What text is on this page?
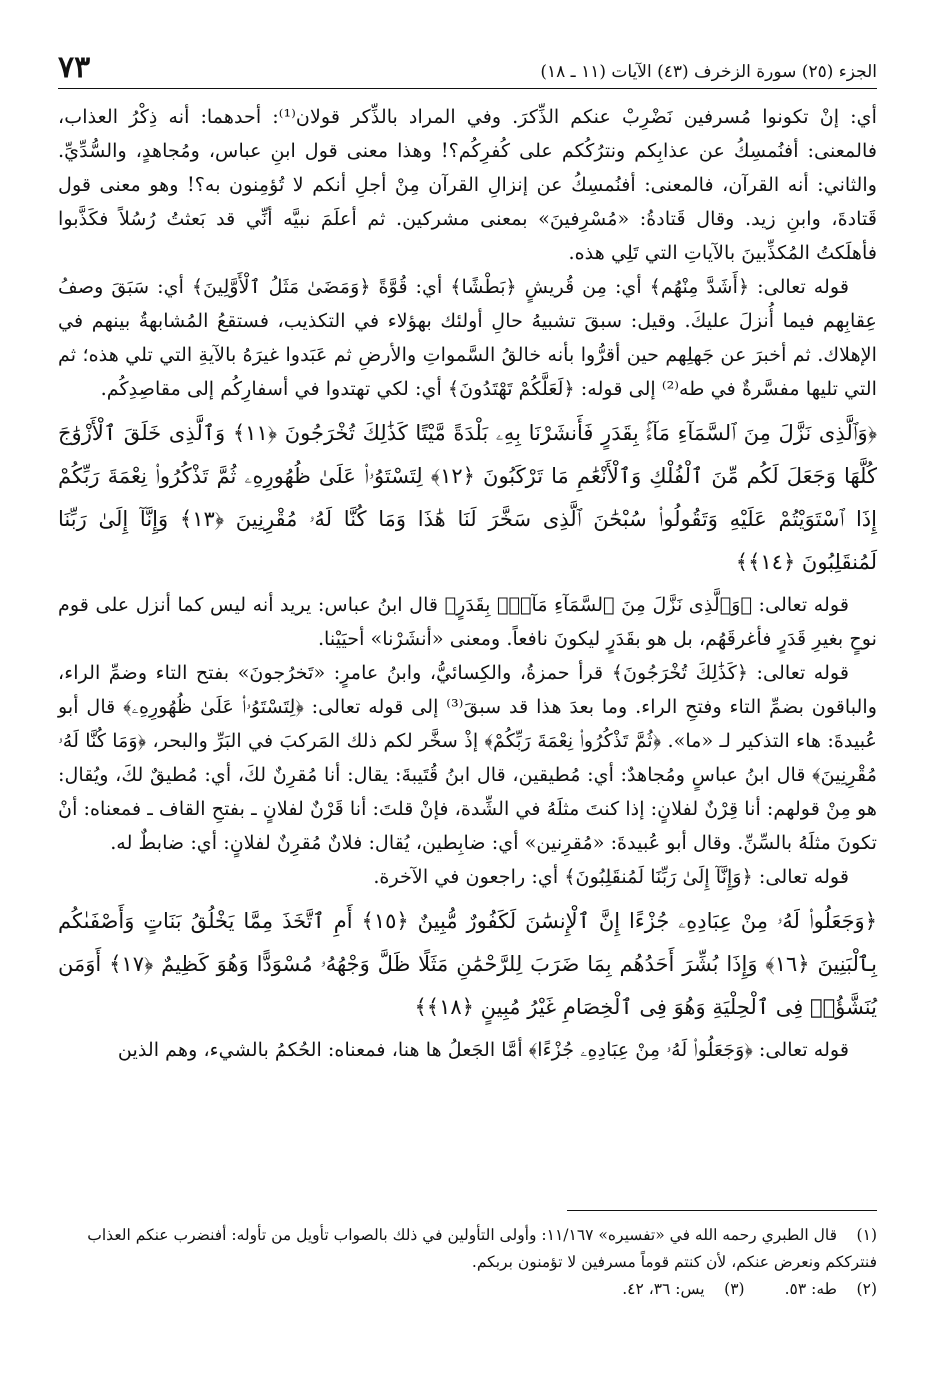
٧٣	الجزء (٢٥) سورة الزخرف (٤٣) الآيات (١١ ـ ١٨)

أي: إنْ تكونوا مُسرفين نَضْرِبْ عنكم الذِّكرَ. وفي المراد بالذِّكر قولان⁽¹⁾: أحدهما: أنه ذِكْرُ العذاب، فالمعنى: أفنُمسِكُ عن عذابِكم ونترُكُكم على كُفرِكُم؟! وهذا معنى قول ابنِ عباس، ومُجاهدٍ، والسُّدِّيِّ. والثاني: أنه القرآن، فالمعنى: أفنُمسِكُ عن إنزالِ القرآن مِنْ أجلِ أنكم لا تُؤمِنون به؟! وهو معنى قول قَتادةَ، وابنِ زيد. وقال قَتادةُ: «مُسْرِفينَ» بمعنى مشركين. ثم أعلَمَ نبيَّه أنِّي قد بَعثتُ رُسُلاً فكَذَّبوا فأهلَكتُ المُكذِّبينَ بالآياتِ التي تَلِي هذه.

قوله تعالى: ﴿أَشَدَّ مِنْهُم﴾ أي: مِن قُريشٍ ﴿بَطْشًا﴾ أي: قُوَّةً ﴿وَمَضَىٰ مَثَلُ ٱلْأَوَّلِينَ﴾ أي: سَبَقَ وصفُ عِقابِهم فيما أُنزلَ عليكَ. وقيل: سبقَ تشبيهُ حالِ أولئك بهؤلاء في التكذيب، فستقعُ المُشابهةُ بينهم في الإهلاك. ثم أخبرَ عن جَهلِهم حين أقرُّوا بأنه خالقُ السَّمواتِ والأرضِ ثم عَبَدوا غيرَهُ بالآيةِ التي تلي هذه؛ ثم التي تليها مفسَّرةٌ في طه⁽²⁾ إلى قوله: ﴿لَعَلَّكُمْ تَهْتَدُونَ﴾ أي: لكي تهتدوا في أسفارِكُم إلى مقاصِدِكُم.

﴿وَٱلَّذِى نَزَّلَ مِنَ ٱلسَّمَآءِ مَآءًۢ بِقَدَرٍ فَأَنشَرْنَا بِهِۦ بَلْدَةً مَّيْتًا كَذَٰلِكَ تُخْرَجُونَ ﴿١١﴾ وَٱلَّذِى خَلَقَ ٱلْأَزْوَٰجَ كُلَّهَا وَجَعَلَ لَكُم مِّنَ ٱلْفُلْكِ وَٱلْأَنْعَٰمِ مَا تَرْكَبُونَ ﴿١٢﴾ لِتَسْتَوُۥا۟ عَلَىٰ ظُهُورِهِۦ ثُمَّ تَذْكُرُوا۟ نِعْمَةَ رَبِّكُمْ إِذَا ٱسْتَوَيْتُمْ عَلَيْهِ وَتَقُولُوا۟ سُبْحَٰنَ ٱلَّذِى سَخَّرَ لَنَا هَٰذَا وَمَا كُنَّا لَهُۥ مُقْرِنِينَ ﴿١٣﴾ وَإِنَّآ إِلَىٰ رَبِّنَا لَمُنقَلِبُونَ ﴿١٤﴾﴾

قوله تعالى: ﴿وَٱلَّذِى نَزَّلَ مِنَ ٱلسَّمَآءِ مَآءًۢ بِقَدَرٍ﴾ قال ابنُ عباس: يريد أنه ليس كما أنزل على قوم نوحٍ بغيرِ قَدَرٍ فأغرقَهُم، بل هو بقَدَرٍ ليكونَ نافعاً. ومعنى «أنشَرْنا» أحيَيْنا.

قوله تعالى: ﴿كَذَٰلِكَ تُخْرَجُونَ﴾ قرأ حمزةُ، والكِسائيُّ، وابنُ عامرٍ: «تَخرُجونَ» بفتح التاء وضمِّ الراء، والباقون بضمِّ التاء وفتحِ الراء. وما بعدَ هذا قد سبقَ⁽³⁾ إلى قوله تعالى: ﴿لِتَسْتَوُۥا۟ عَلَىٰ ظُهُورِهِۦ﴾ قال أبو عُبيدةَ: هاء التذكير لـ «ما». ﴿ثُمَّ تَذْكُرُوا۟ نِعْمَةَ رَبِّكُمْ﴾ إذْ سخَّر لكم ذلك المَركبَ في البَرِّ والبحر، ﴿وَمَا كُنَّا لَهُۥ مُقْرِنِينَ﴾ قال ابنُ عباسٍ ومُجاهدٌ: أي: مُطيقين، قال ابنُ قُتَيبةَ: يقال: أنا مُقرِنٌ لكَ، أي: مُطيقٌ لكَ، ويُقال: هو مِنْ قولهم: أنا قِرْنٌ لفلانٍ: إذا كنتَ مثلَهُ في الشِّدة، فإنْ قلتَ: أنا قَرْنٌ لفلانٍ ـ بفتحِ القاف ـ فمعناه: أنْ تكونَ مثلَهُ بالسِّنِّ. وقال أبو عُبيدةَ: «مُقرِنين» أي: ضابِطين، يُقال: فلانٌ مُقرِنٌ لفلانٍ: أي: ضابطٌ له.

قوله تعالى: ﴿وَإِنَّآ إِلَىٰ رَبِّنَا لَمُنقَلِبُونَ﴾ أي: راجعون في الآخرة.

﴿وَجَعَلُوا۟ لَهُۥ مِنْ عِبَادِهِۦ جُزْءًا إِنَّ ٱلْإِنسَٰنَ لَكَفُورٌ مُّبِينٌ ﴿١٥﴾ أَمِ ٱتَّخَذَ مِمَّا يَخْلُقُ بَنَاتٍ وَأَصْفَىٰكُم بِٱلْبَنِينَ ﴿١٦﴾ وَإِذَا بُشِّرَ أَحَدُهُم بِمَا ضَرَبَ لِلرَّحْمَٰنِ مَثَلًا ظَلَّ وَجْهُهُۥ مُسْوَدًّا وَهُوَ كَظِيمٌ ﴿١٧﴾ أَوَمَن يُنَشَّؤُا۟ فِى ٱلْحِلْيَةِ وَهُوَ فِى ٱلْخِصَامِ غَيْرُ مُبِينٍ ﴿١٨﴾﴾

قوله تعالى: ﴿وَجَعَلُوا۟ لَهُۥ مِنْ عِبَادِهِۦ جُزْءًا﴾ أمَّا الجَعلُ ها هنا، فمعناه: الحُكمُ بالشيء، وهم الذين

(١)قال الطبري رحمه الله في «تفسيره» ١١/١٦٧: وأولى التأولين في ذلك بالصواب تأويل من تأوله: أفنضرب عنكم العذاب فنترككم ونعرض عنكم، لأن كنتم قوماً مسرفين لا تؤمنون بربكم.

(٢)طه: ٥٣.

(٣)يس: ٣٦، ٤٢.
